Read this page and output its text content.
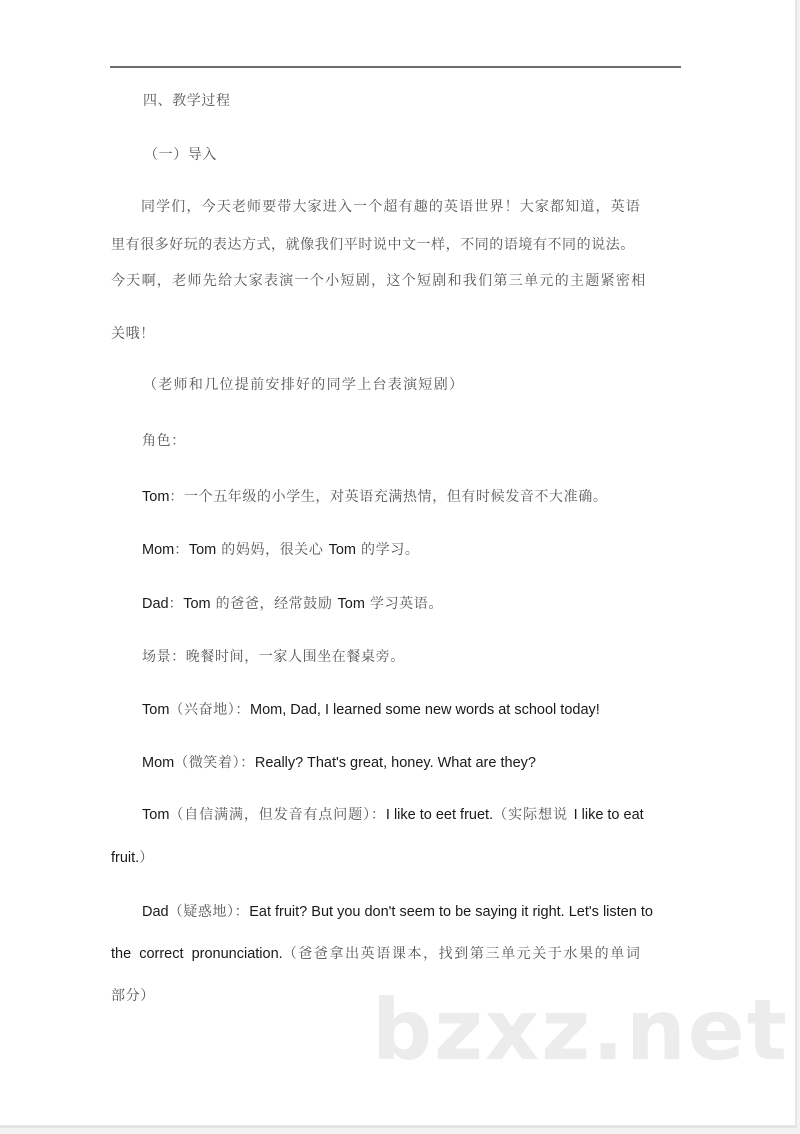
四、教学过程
（一）导入
同学们，今天老师要带大家进入一个超有趣的英语世界！大家都知道，英语
里有很多好玩的表达方式，就像我们平时说中文一样，不同的语境有不同的说法。
今天啊，老师先给大家表演一个小短剧，这个短剧和我们第三单元的主题紧密相
关哦！
（老师和几位提前安排好的同学上台表演短剧）
角色：
Tom：一个五年级的小学生，对英语充满热情，但有时候发音不大准确。
Mom：Tom 的妈妈，很关心 Tom 的学习。
Dad：Tom 的爸爸，经常鼓励 Tom 学习英语。
场景：晚餐时间，一家人围坐在餐桌旁。
Tom（兴奋地）：Mom, Dad, I learned some new words at school today!
Mom（微笑着）：Really? That's great, honey. What are they?
Tom（自信满满，但发音有点问题）：I like to eet fruet.（实际想说 I like to eat
fruit.）
Dad（疑惑地）：Eat fruit? But you don't seem to be saying it right. Let's listen to
the  correct  pronunciation.（爸爸拿出英语课本，找到第三单元关于水果的单词
部分）	bzxz.net
